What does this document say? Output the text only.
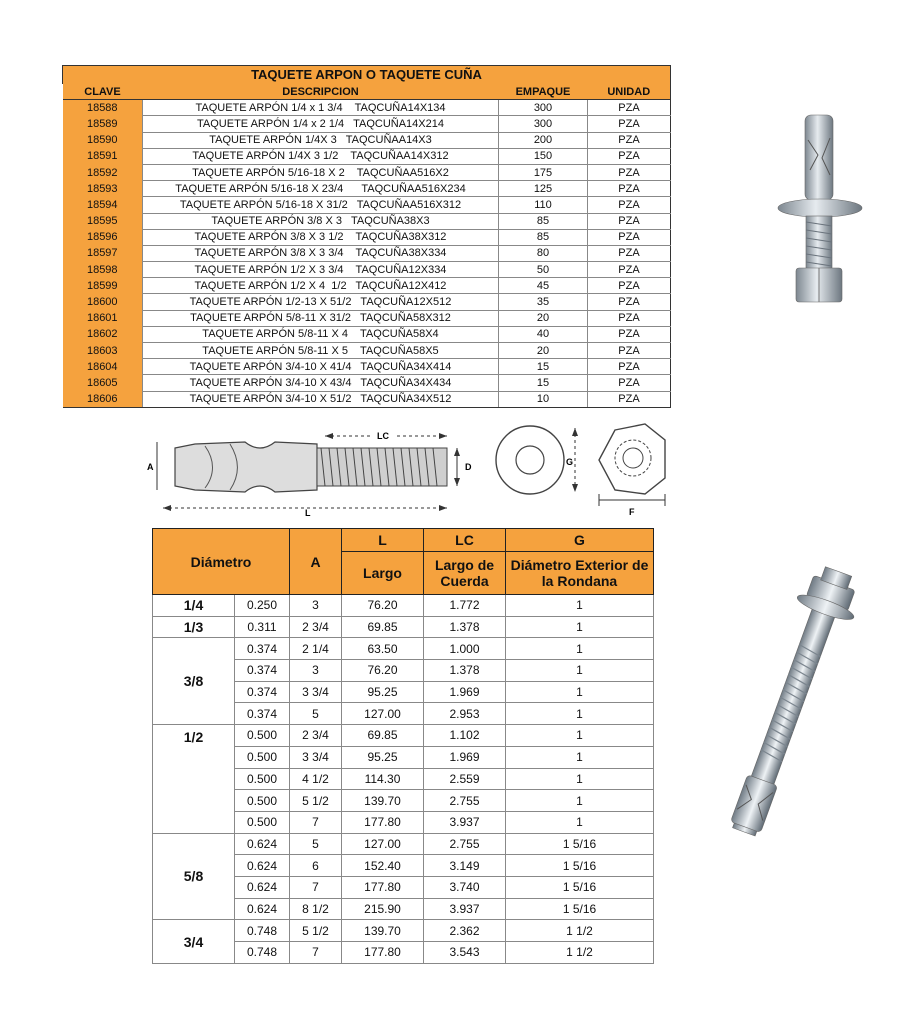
TAQUETE ARPON O TAQUETE CUÑA			
CLAVE	DESCRIPCION	EMPAQUE	UNIDAD
18588	TAQUETE ARPÓN 1/4 x 1 3/4    TAQCUÑA14X134	300	PZA
18589	TAQUETE ARPÓN 1/4 x 2 1/4   TAQCUÑA14X214	300	PZA
18590	TAQUETE ARPÓN 1/4X 3   TAQCUÑAA14X3	200	PZA
18591	TAQUETE ARPÓN 1/4X 3 1/2    TAQCUÑAA14X312	150	PZA
18592	TAQUETE ARPÓN 5/16-18 X 2    TAQCUÑAA516X2	175	PZA
18593	TAQUETE ARPÓN 5/16-18 X 23/4      TAQCUÑAA516X234	125	PZA
18594	TAQUETE ARPÓN 5/16-18 X 31/2   TAQCUÑAA516X312	110	PZA
18595	TAQUETE ARPÓN 3/8 X 3   TAQCUÑA38X3	85	PZA
18596	TAQUETE ARPÓN 3/8 X 3 1/2    TAQCUÑA38X312	85	PZA
18597	TAQUETE ARPÓN 3/8 X 3 3/4    TAQCUÑA38X334	80	PZA
18598	TAQUETE ARPÓN 1/2 X 3 3/4    TAQCUÑA12X334	50	PZA
18599	TAQUETE ARPÓN 1/2 X 4  1/2   TAQCUÑA12X412	45	PZA
18600	TAQUETE ARPÓN 1/2-13 X 51/2   TAQCUÑA12X512	35	PZA
18601	TAQUETE ARPÓN 5/8-11 X 31/2   TAQCUÑA58X312	20	PZA
18602	TAQUETE ARPÓN 5/8-11 X 4    TAQCUÑA58X4	40	PZA
18603	TAQUETE ARPÓN 5/8-11 X 5    TAQCUÑA58X5	20	PZA
18604	TAQUETE ARPÓN 3/4-10 X 41/4   TAQCUÑA34X414	15	PZA
18605	TAQUETE ARPÓN 3/4-10 X 43/4   TAQCUÑA34X434	15	PZA
18606	TAQUETE ARPÓN 3/4-10 X 51/2   TAQCUÑA34X512	10	PZA
LC
A	D
L
G
F
Diámetro		A	L	LC	G
			Largo	Largo de Cuerda	Diámetro Exterior de la Rondana
1/4	0.250	3	76.20	1.772	1
1/3	0.311	2 3/4	69.85	1.378	1
3/8	0.374	2 1/4	63.50	1.000	1
	0.374	3	76.20	1.378	1
	0.374	3 3/4	95.25	1.969	1
	0.374	5	127.00	2.953	1
1/2	0.500	2 3/4	69.85	1.102	1
	0.500	3 3/4	95.25	1.969	1
	0.500	4 1/2	114.30	2.559	1
	0.500	5 1/2	139.70	2.755	1
	0.500	7	177.80	3.937	1
5/8	0.624	5	127.00	2.755	1 5/16
	0.624	6	152.40	3.149	1 5/16
	0.624	7	177.80	3.740	1 5/16
	0.624	8 1/2	215.90	3.937	1 5/16
3/4	0.748	5 1/2	139.70	2.362	1 1/2
	0.748	7	177.80	3.543	1 1/2
